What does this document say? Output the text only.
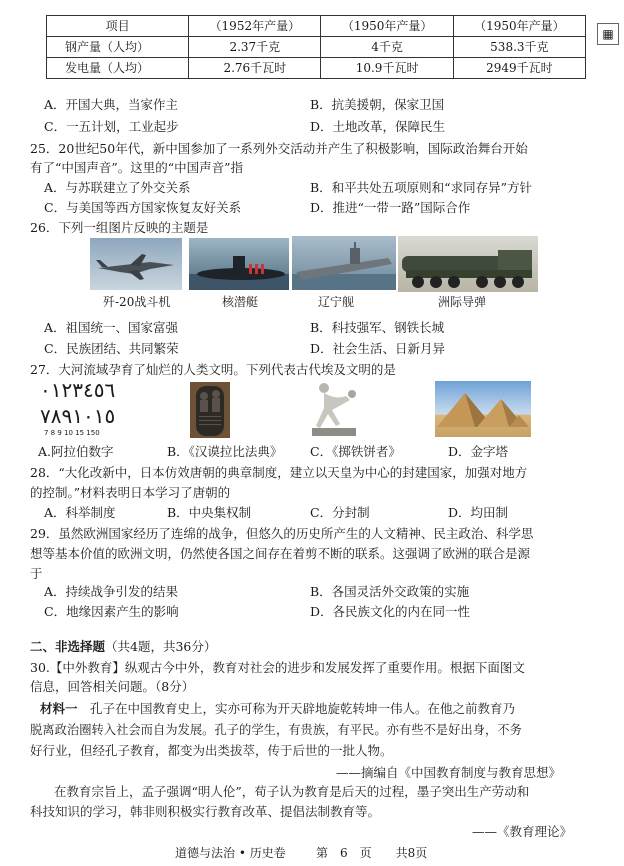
项目	（1952年产量）	（1950年产量）	（1950年产量）
钢产量（人均）	2.37千克	4千克	538.3千克
发电量（人均）	2.76千瓦时	10.9千瓦时	2949千瓦时
▦
A．开国大典，当家作主	B．抗美援朝，保家卫国
C．一五计划，工业起步	D．土地改革，保障民生
25．20世纪50年代，新中国参加了一系列外交活动并产生了积极影响，国际政治舞台开始
有了“中国声音”。这里的“中国声音”指
A．与苏联建立了外交关系	B．和平共处五项原则和“求同存异”方针
C．与美国等西方国家恢复友好关系	D．推进“一带一路”国际合作
26．下列一组图片反映的主题是
歼-20战斗机	核潜艇	辽宁舰	洲际导弹
A．祖国统一、国家富强	B．科技强军、钢铁长城
C．民族团结、共同繁荣	D．社会生活、日新月异
27．大河流域孕育了灿烂的人类文明。下列代表古代埃及文明的是
٠١٢٣٤٥٦
٧٨٩١٠١٥
7 8 9 10 15 150
A.阿拉伯数字	B．《汉谟拉比法典》 C．《掷铁饼者》	D．金字塔
28．“大化改新中，日本仿效唐朝的典章制度，建立以天皇为中心的封建国家，加强对地方
的控制。”材料表明日本学习了唐朝的
A．科举制度	B．中央集权制	C．分封制	D．均田制
29．虽然欧洲国家经历了连绵的战争，但悠久的历史所产生的人文精神、民主政治、科学思
想等基本价值的欧洲文明，仍然使各国之间存在着剪不断的联系。这强调了欧洲的联合是源
于
A．持续战争引发的结果	B．各国灵活外交政策的实施
C．地缘因素产生的影响	D．各民族文化的内在同一性
二、非选择题（共4题，共36分）
30.【中外教育】纵观古今中外，教育对社会的进步和发展发挥了重要作用。根据下面图文
信息，回答相关问题。（8分）
材料一　 孔子在中国教育史上，实亦可称为开天辟地旋乾转坤一伟人。在他之前教育乃
脱离政治圈转入社会而自为发展。孔子的学生，有贵族，有平民。亦有些不是好出身，不务
好行业，但经孔子教育，都变为出类拔萃，传于后世的一批人物。
——摘编自《中国教育制度与教育思想》
在教育宗旨上，孟子强调“明人伦”，荀子认为教育是后天的过程，墨子突出生产劳动和
科技知识的学习，韩非则积极实行教育改革、提倡法制教育等。
——《教育理论》
道德与法治 • 历史卷	第　6　页　　共8页
